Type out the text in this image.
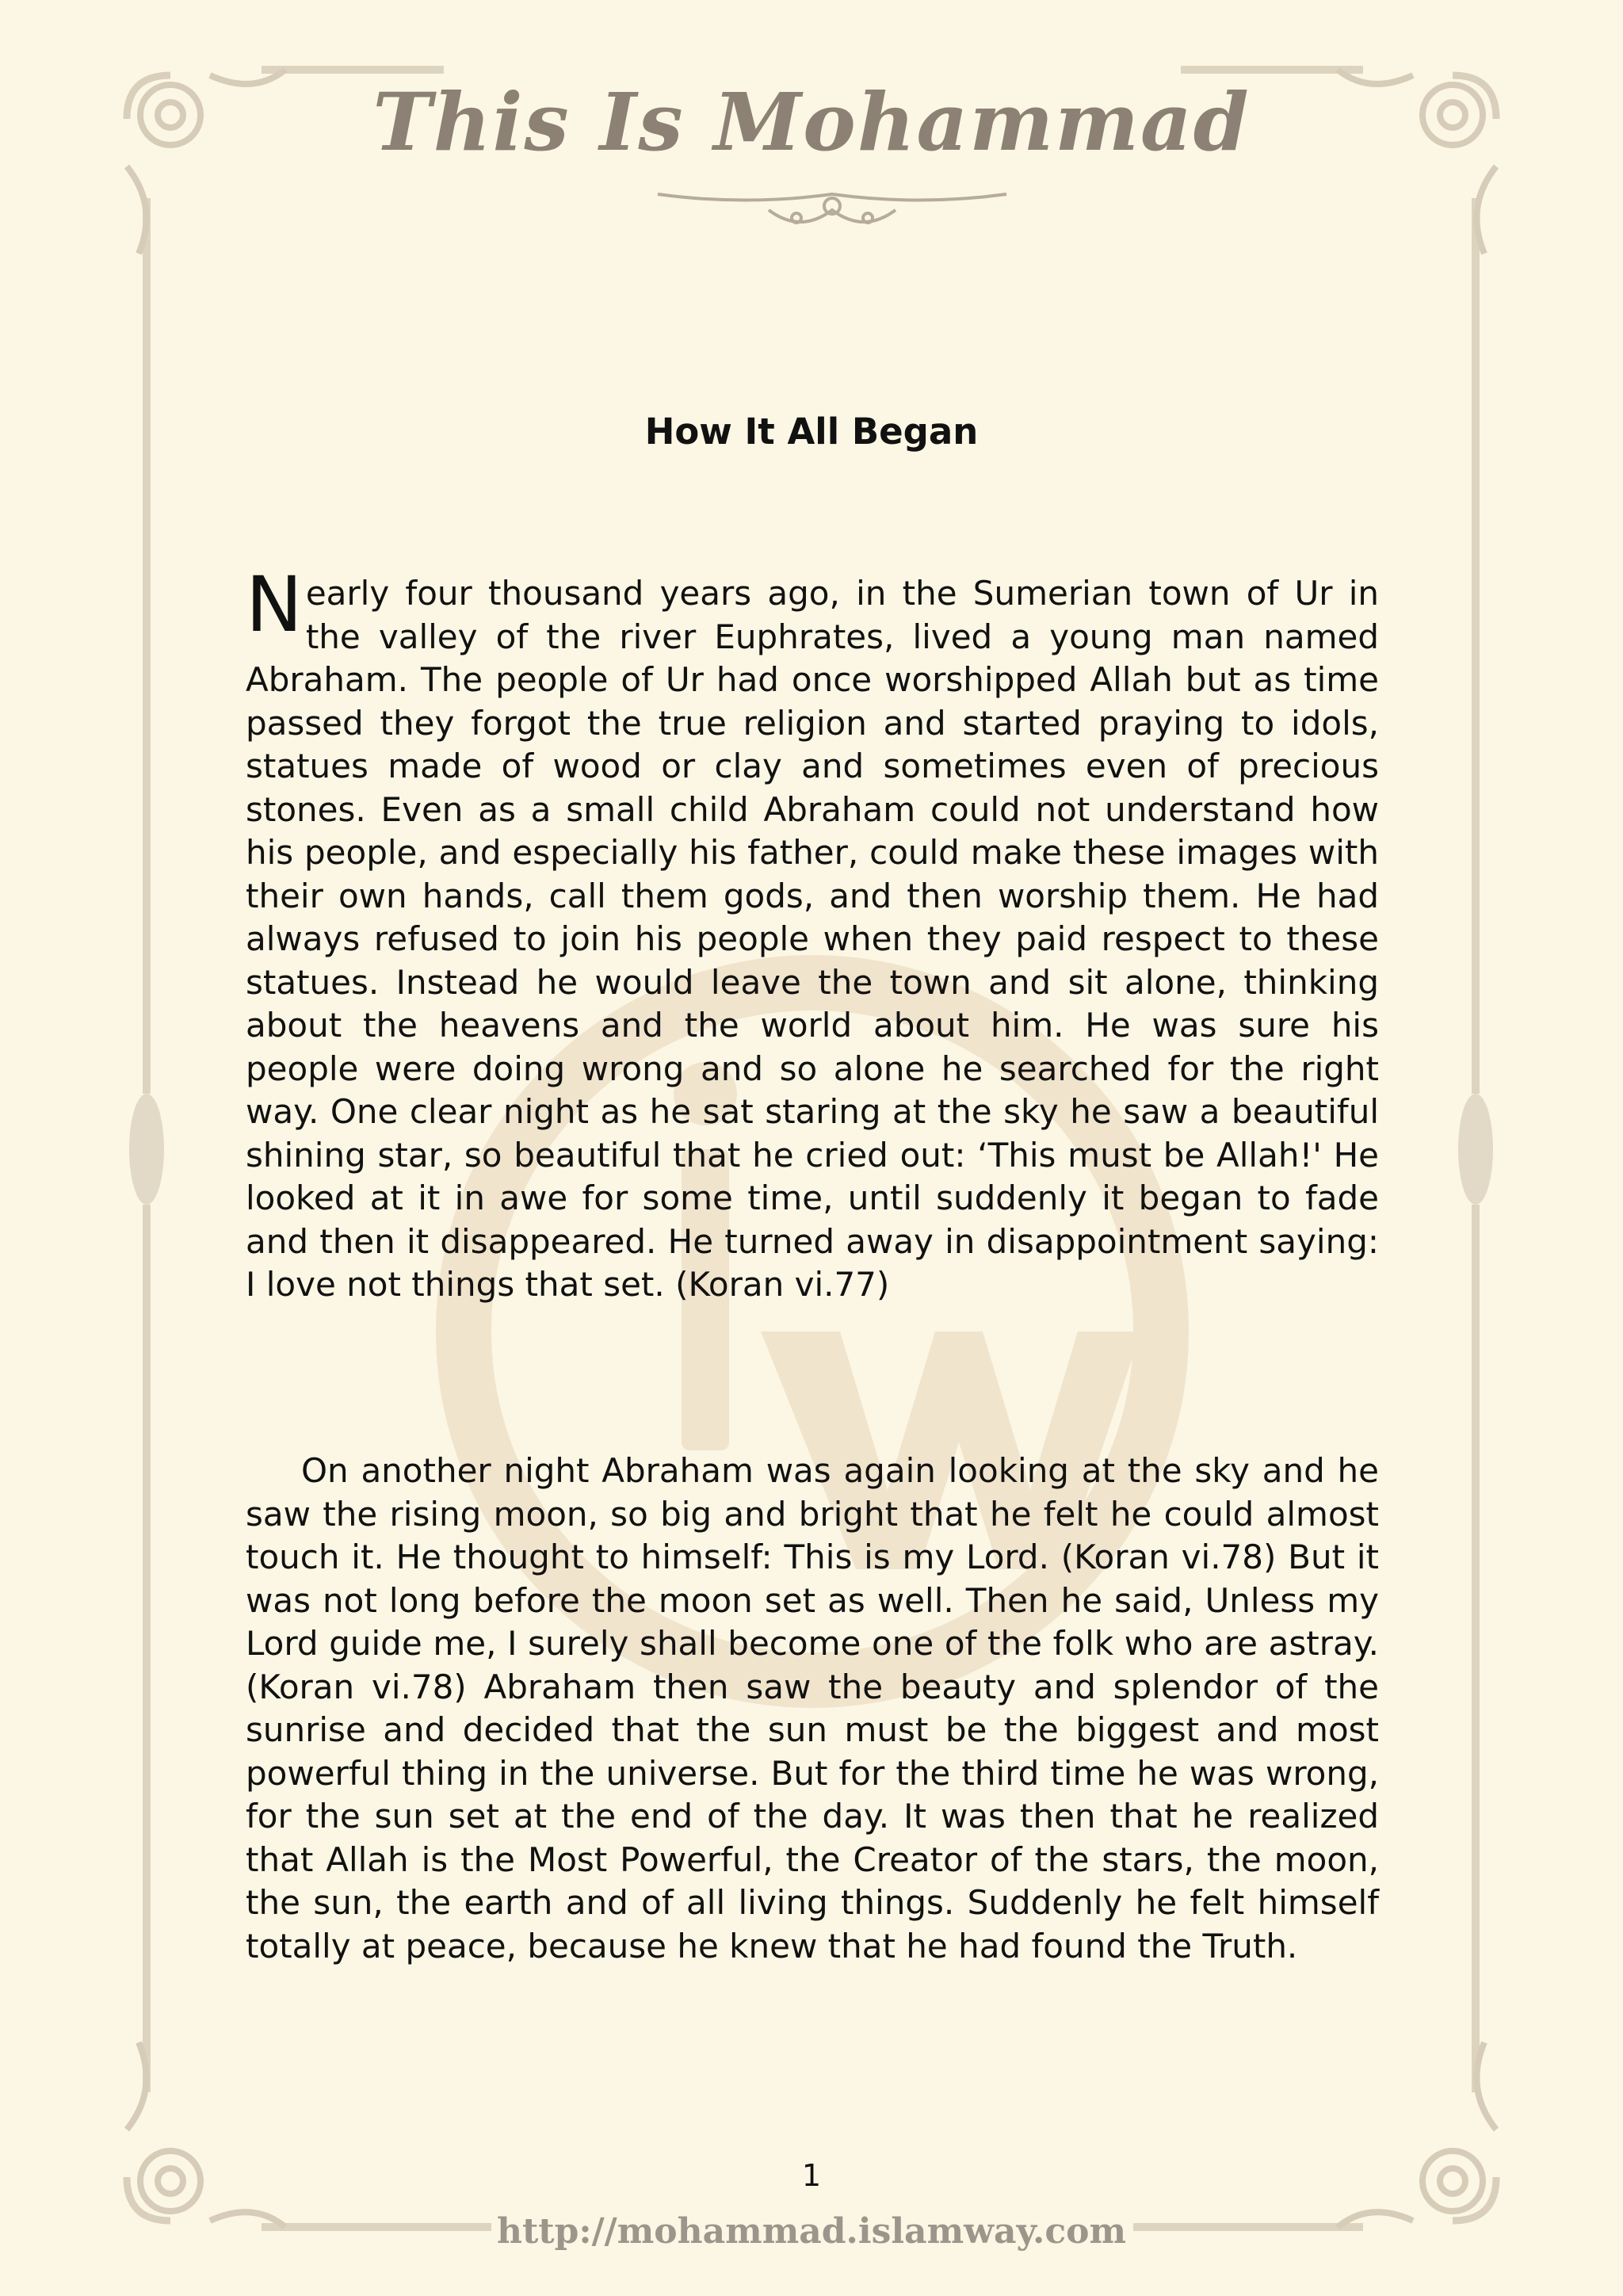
This Is Mohammad
How It All Began
Nearly four thousand years ago, in the Sumerian town of Ur in the valley of the river Euphrates, lived a young man named Abraham. The people of Ur had once worshipped Allah but as time passed they forgot the true religion and started praying to idols, statues made of wood or clay and sometimes even of precious stones. Even as a small child Abraham could not understand how his people, and especially his father, could make these images with their own hands, call them gods, and then worship them. He had always refused to join his people when they paid respect to these statues. Instead he would leave the town and sit alone, thinking about the heavens and the world about him. He was sure his people were doing wrong and so alone he searched for the right way. One clear night as he sat staring at the sky he saw a beautiful shining star, so beautiful that he cried out: ‘This must be Allah!' He looked at it in awe for some time, until suddenly it began to fade and then it disappeared. He turned away in disappointment saying: I love not things that set. (Koran vi.77)
On another night Abraham was again looking at the sky and he saw the rising moon, so big and bright that he felt he could almost touch it. He thought to himself: This is my Lord. (Koran vi.78) But it was not long before the moon set as well. Then he said, Unless my Lord guide me, I surely shall become one of the folk who are astray. (Koran vi.78) Abraham then saw the beauty and splendor of the sunrise and decided that the sun must be the biggest and most powerful thing in the universe. But for the third time he was wrong, for the sun set at the end of the day. It was then that he realized that Allah is the Most Powerful, the Creator of the stars, the moon, the sun, the earth and of all living things. Suddenly he felt himself totally at peace, because he knew that he had found the Truth.
1
http://mohammad.islamway.com
